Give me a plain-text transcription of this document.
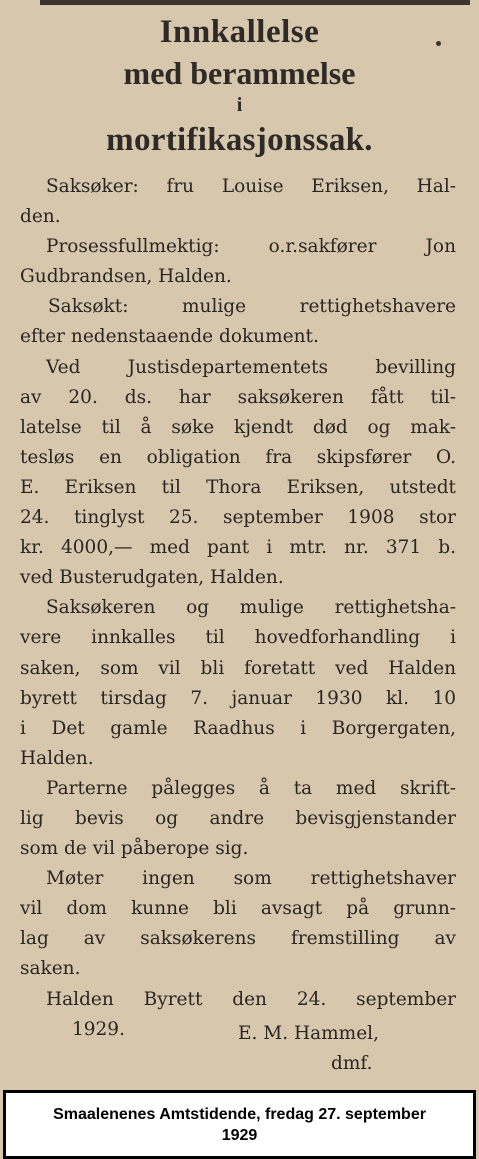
Innkallelse
med berammelse
i
mortifikasjonssak.
Saksøker: fru Louise Eriksen, Hal-
den.
Prosessfullmektig: o.r.sakfører Jon
Gudbrandsen, Halden.
Saksøkt: mulige rettighetshavere
efter nedenstaaende dokument.
Ved Justisdepartementets bevilling
av 20. ds. har saksøkeren fått til-
latelse til å søke kjendt død og mak-
tesløs en obligation fra skipsfører O.
E. Eriksen til Thora Eriksen, utstedt
24. tinglyst 25. september 1908 stor
kr. 4000,— med pant i mtr. nr. 371 b.
ved Busterudgaten, Halden.
Saksøkeren og mulige rettighetsha-
vere innkalles til hovedforhandling i
saken, som vil bli foretatt ved Halden
byrett tirsdag 7. januar 1930 kl. 10
i Det gamle Raadhus i Borgergaten,
Halden.
Parterne pålegges å ta med skrift-
lig bevis og andre bevisgjenstander
som de vil påberope sig.
Møter ingen som rettighetshaver
vil dom kunne bli avsagt på grunn-
lag av saksøkerens fremstilling av
saken.
Halden Byrett den 24. september
1929.	E. M. Hammel,
dmf.
Smaalenenes Amtstidende, fredag 27. september
1929
